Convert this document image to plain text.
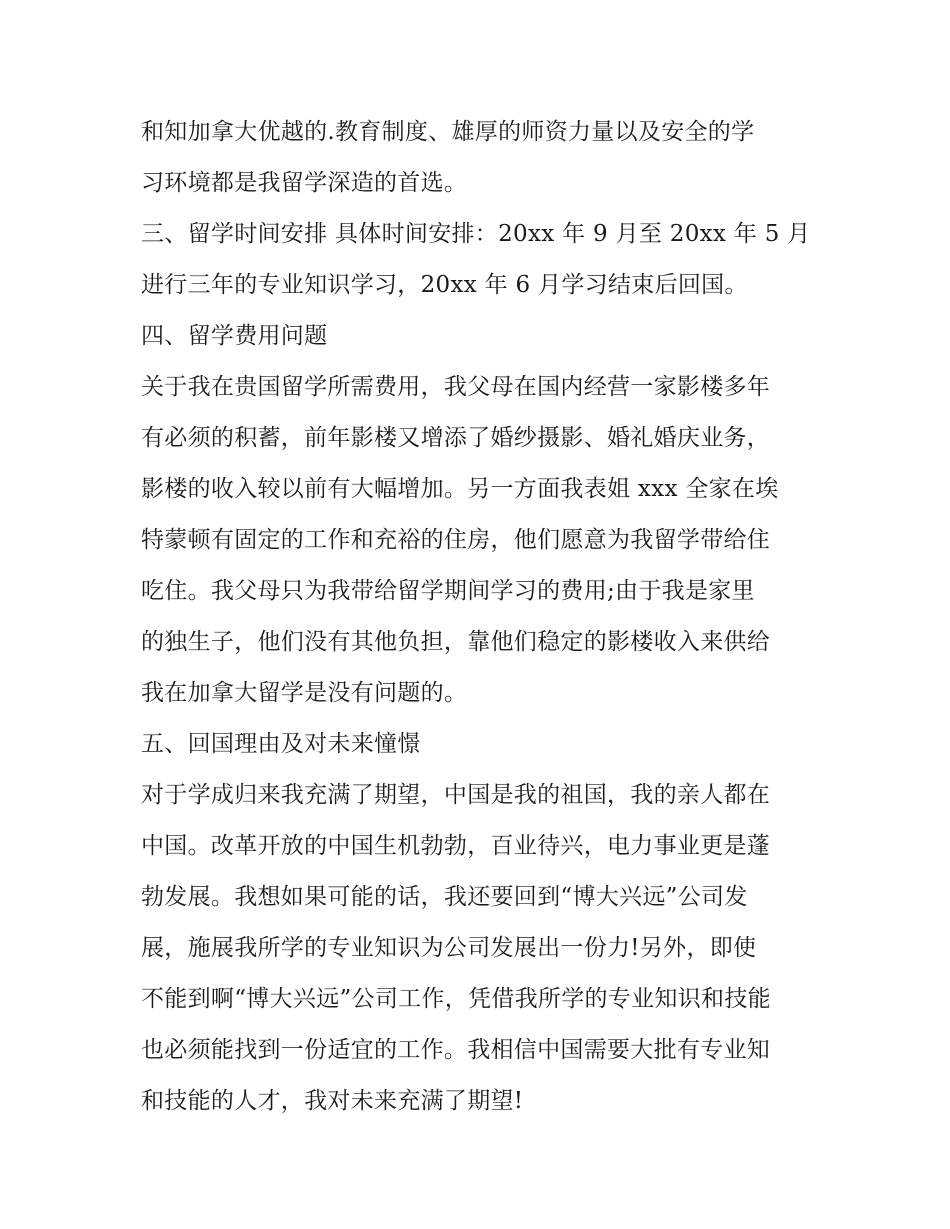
和知加拿大优越的.教育制度、雄厚的师资力量以及安全的学
习环境都是我留学深造的首选。
三、留学时间安排 具体时间安排：20xx 年 9 月至 20xx 年 5 月
进行三年的专业知识学习，20xx 年 6 月学习结束后回国。
四、留学费用问题
关于我在贵国留学所需费用，我父母在国内经营一家影楼多年
有必须的积蓄，前年影楼又增添了婚纱摄影、婚礼婚庆业务，
影楼的收入较以前有大幅增加。另一方面我表姐 xxx 全家在埃
特蒙顿有固定的工作和充裕的住房，他们愿意为我留学带给住
吃住。我父母只为我带给留学期间学习的费用;由于我是家里
的独生子，他们没有其他负担，靠他们稳定的影楼收入来供给
我在加拿大留学是没有问题的。
五、回国理由及对未来憧憬
对于学成归来我充满了期望，中国是我的祖国，我的亲人都在
中国。改革开放的中国生机勃勃，百业待兴，电力事业更是蓬
勃发展。我想如果可能的话，我还要回到“博大兴远”公司发
展，施展我所学的专业知识为公司发展出一份力!另外，即使
不能到啊“博大兴远”公司工作，凭借我所学的专业知识和技能
也必须能找到一份适宜的工作。我相信中国需要大批有专业知
和技能的人才，我对未来充满了期望!
